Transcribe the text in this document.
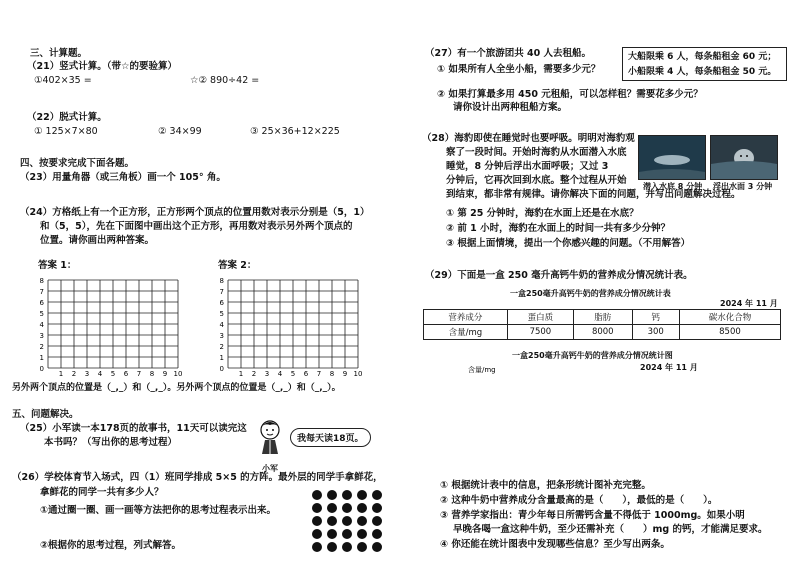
三、计算题。
（21）竖式计算。（带☆的要验算）
①402×35 =	☆② 890÷42 =
（22）脱式计算。
① 125×7×80	② 34×99	③ 25×36+12×225
四、按要求完成下面各题。
（23）用量角器（或三角板）画一个 105° 角。
（24）方格纸上有一个正方形，正方形两个顶点的位置用数对表示分别是（5，1）
和（5，5），先在下面图中画出这个正方形，再用数对表示另外两个顶点的
位置。请你画出两种答案。
答案 1：	答案 2：
8
7
6
5
4
3
2
1
0
1 2 3 4 5 6 7 8 9 10
8
7
6
5
4
3
2
1
0
1 2 3 4 5 6 7 8 9 10
另外两个顶点的位置是（_,_）和（_,_）。另外两个顶点的位置是（_,_）和（_,_）。
五、问题解决。
（25）小军读一本178页的故事书，11天可以读完这
本书吗？（写出你的思考过程）
小军
我每天读18页。
（26）学校体育节入场式，四（1）班同学排成 5×5 的方阵。最外层的同学手拿鲜花，
拿鲜花的同学一共有多少人？
①通过圈一圈、画一画等方法把你的思考过程表示出来。
②根据你的思考过程，列式解答。
（27）有一个旅游团共 40 人去租船。
① 如果所有人全坐小船，需要多少元？
大船限乘 6 人，每条船租金 60 元；
小船限乘 4 人，每条船租金 50 元。
② 如果打算最多用 450 元租船，可以怎样租？需要花多少元？
请你设计出两种租船方案。
（28）海豹即使在睡觉时也要呼吸。明明对海豹观
察了一段时间。开始时海豹从水面潜入水底
睡觉，8 分钟后浮出水面呼吸；又过 3
分钟后，它再次回到水底。整个过程从开始
到结束，都非常有规律。请你解决下面的问题，并写出问题解决过程。
潜入水底 8 分钟 浮出水面 3 分钟
① 第 25 分钟时，海豹在水面上还是在水底？
② 前 1 小时，海豹在水面上的时间一共有多少分钟？
③ 根据上面情境，提出一个你感兴趣的问题。（不用解答）
（29）下面是一盒 250 毫升高钙牛奶的营养成分情况统计表。
一盒250毫升高钙牛奶的营养成分情况统计表
2024 年 11 月
营养成分	蛋白质	脂肪	钙	碳水化合物
含量/mg	7500	8000	300	8500
一盒250毫升高钙牛奶的营养成分情况统计图
2024 年 11 月
含量/mg
① 根据统计表中的信息，把条形统计图补充完整。
② 这种牛奶中营养成分含量最高的是（　　），最低的是（　　）。
③ 营养学家指出：青少年每日所需钙含量不得低于 1000mg。如果小明
早晚各喝一盒这种牛奶，至少还需补充（　　）mg 的钙，才能满足要求。
④ 你还能在统计图表中发现哪些信息？至少写出两条。
